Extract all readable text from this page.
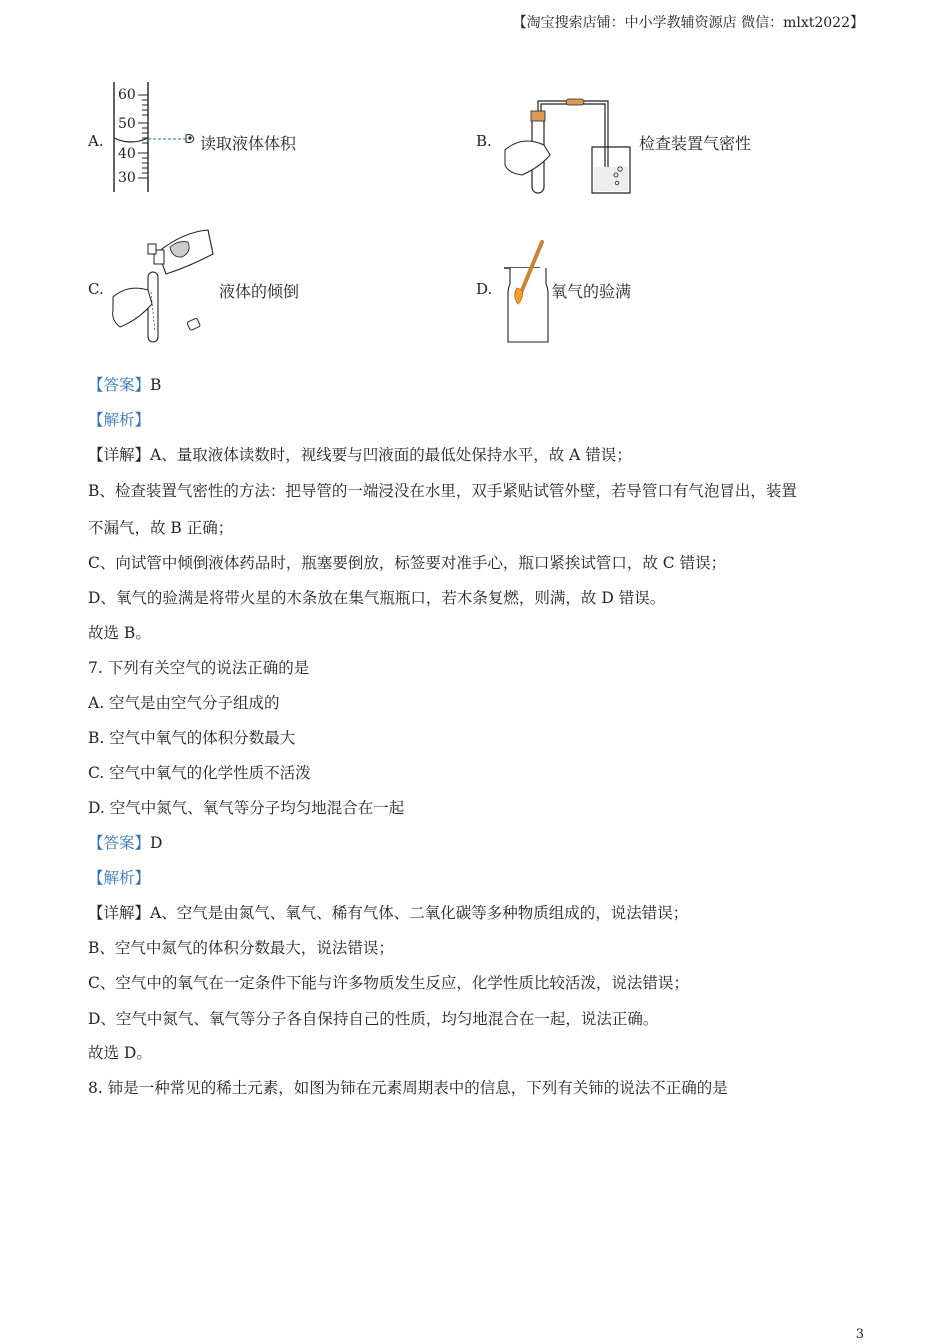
【淘宝搜索店铺：中小学教辅资源店 微信：mlxt2022】
A.
60
50
40
30
读取液体体积	B.	检查装置气密性
C.	液体的倾倒	D.	氧气的验满
【答案】B
【解析】
【详解】A、量取液体读数时，视线要与凹液面的最低处保持水平，故 A 错误；
B、检查装置气密性的方法：把导管的一端浸没在水里，双手紧贴试管外壁，若导管口有气泡冒出，装置
不漏气，故 B 正确；
C、向试管中倾倒液体药品时，瓶塞要倒放，标签要对准手心，瓶口紧挨试管口，故 C 错误；
D、氧气的验满是将带火星的木条放在集气瓶瓶口，若木条复燃，则满，故 D 错误。
故选 B。
7. 下列有关空气的说法正确的是
A. 空气是由空气分子组成的
B. 空气中氧气的体积分数最大
C. 空气中氧气的化学性质不活泼
D. 空气中氮气、氧气等分子均匀地混合在一起
【答案】D
【解析】
【详解】A、空气是由氮气、氧气、稀有气体、二氧化碳等多种物质组成的，说法错误；
B、空气中氮气的体积分数最大，说法错误；
C、空气中的氧气在一定条件下能与许多物质发生反应，化学性质比较活泼，说法错误；
D、空气中氮气、氧气等分子各自保持自己的性质，均匀地混合在一起，说法正确。
故选 D。
8. 铈是一种常见的稀土元素，如图为铈在元素周期表中的信息，下列有关铈的说法不正确的是
3
